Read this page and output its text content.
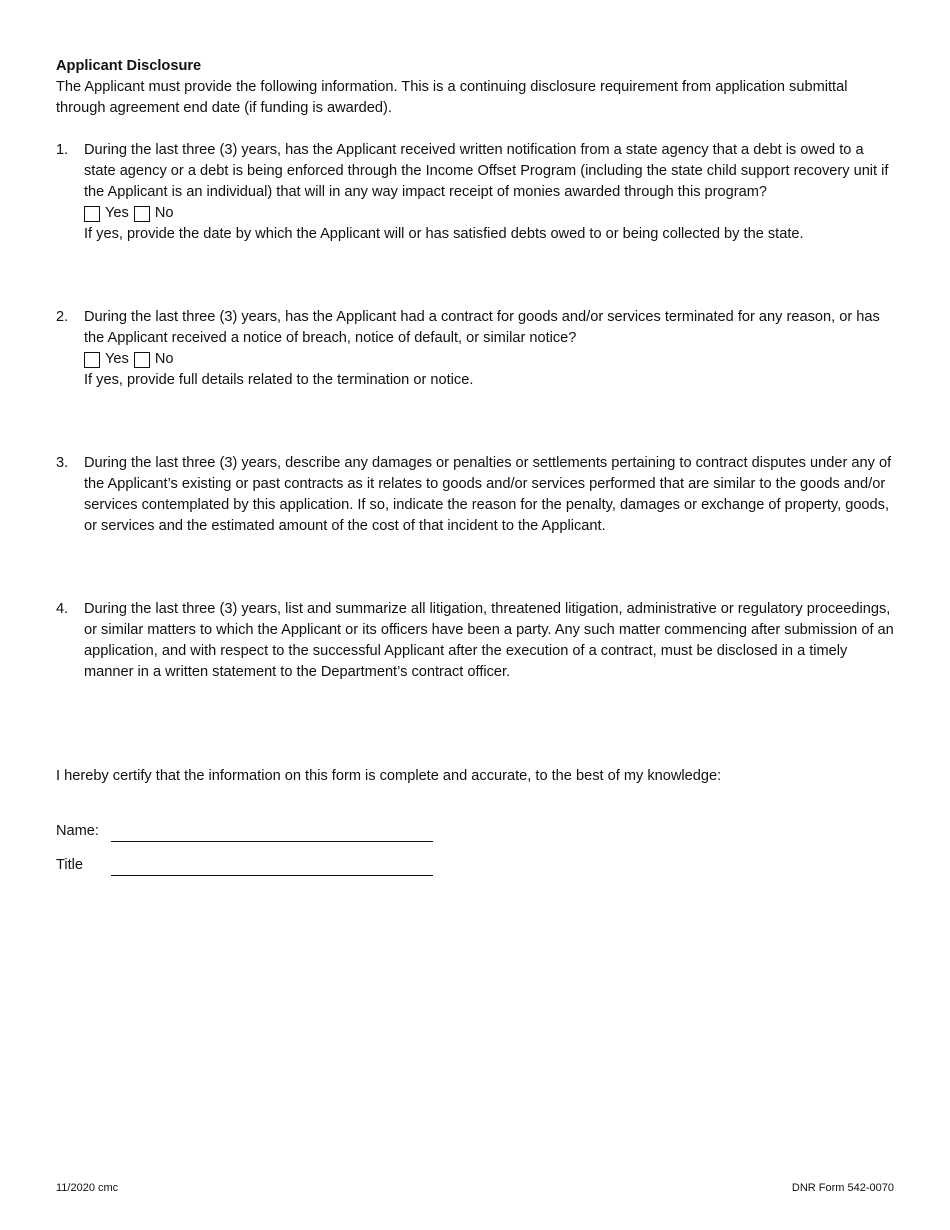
Applicant Disclosure

The Applicant must provide the following information. This is a continuing disclosure requirement from application submittal through agreement end date (if funding is awarded).

1. During the last three (3) years, has the Applicant received written notification from a state agency that a debt is owed to a state agency or a debt is being enforced through the Income Offset Program (including the state child support recovery unit if the Applicant is an individual) that will in any way impact receipt of monies awarded through this program?

Yes No

If yes, provide the date by which the Applicant will or has satisfied debts owed to or being collected by the state.

2. During the last three (3) years, has the Applicant had a contract for goods and/or services terminated for any reason, or has the Applicant received a notice of breach, notice of default, or similar notice?

Yes No

If yes, provide full details related to the termination or notice.

3. During the last three (3) years, describe any damages or penalties or settlements pertaining to contract disputes under any of the Applicant’s existing or past contracts as it relates to goods and/or services performed that are similar to the goods and/or services contemplated by this application. If so, indicate the reason for the penalty, damages or exchange of property, goods, or services and the estimated amount of the cost of that incident to the Applicant.

4. During the last three (3) years, list and summarize all litigation, threatened litigation, administrative or regulatory proceedings, or similar matters to which the Applicant or its officers have been a party. Any such matter commencing after submission of an application, and with respect to the successful Applicant after the execution of a contract, must be disclosed in a timely manner in a written statement to the Department’s contract officer.

I hereby certify that the information on this form is complete and accurate, to the best of my knowledge:

Name:
Title
11/2020 cmc	DNR Form 542-0070
